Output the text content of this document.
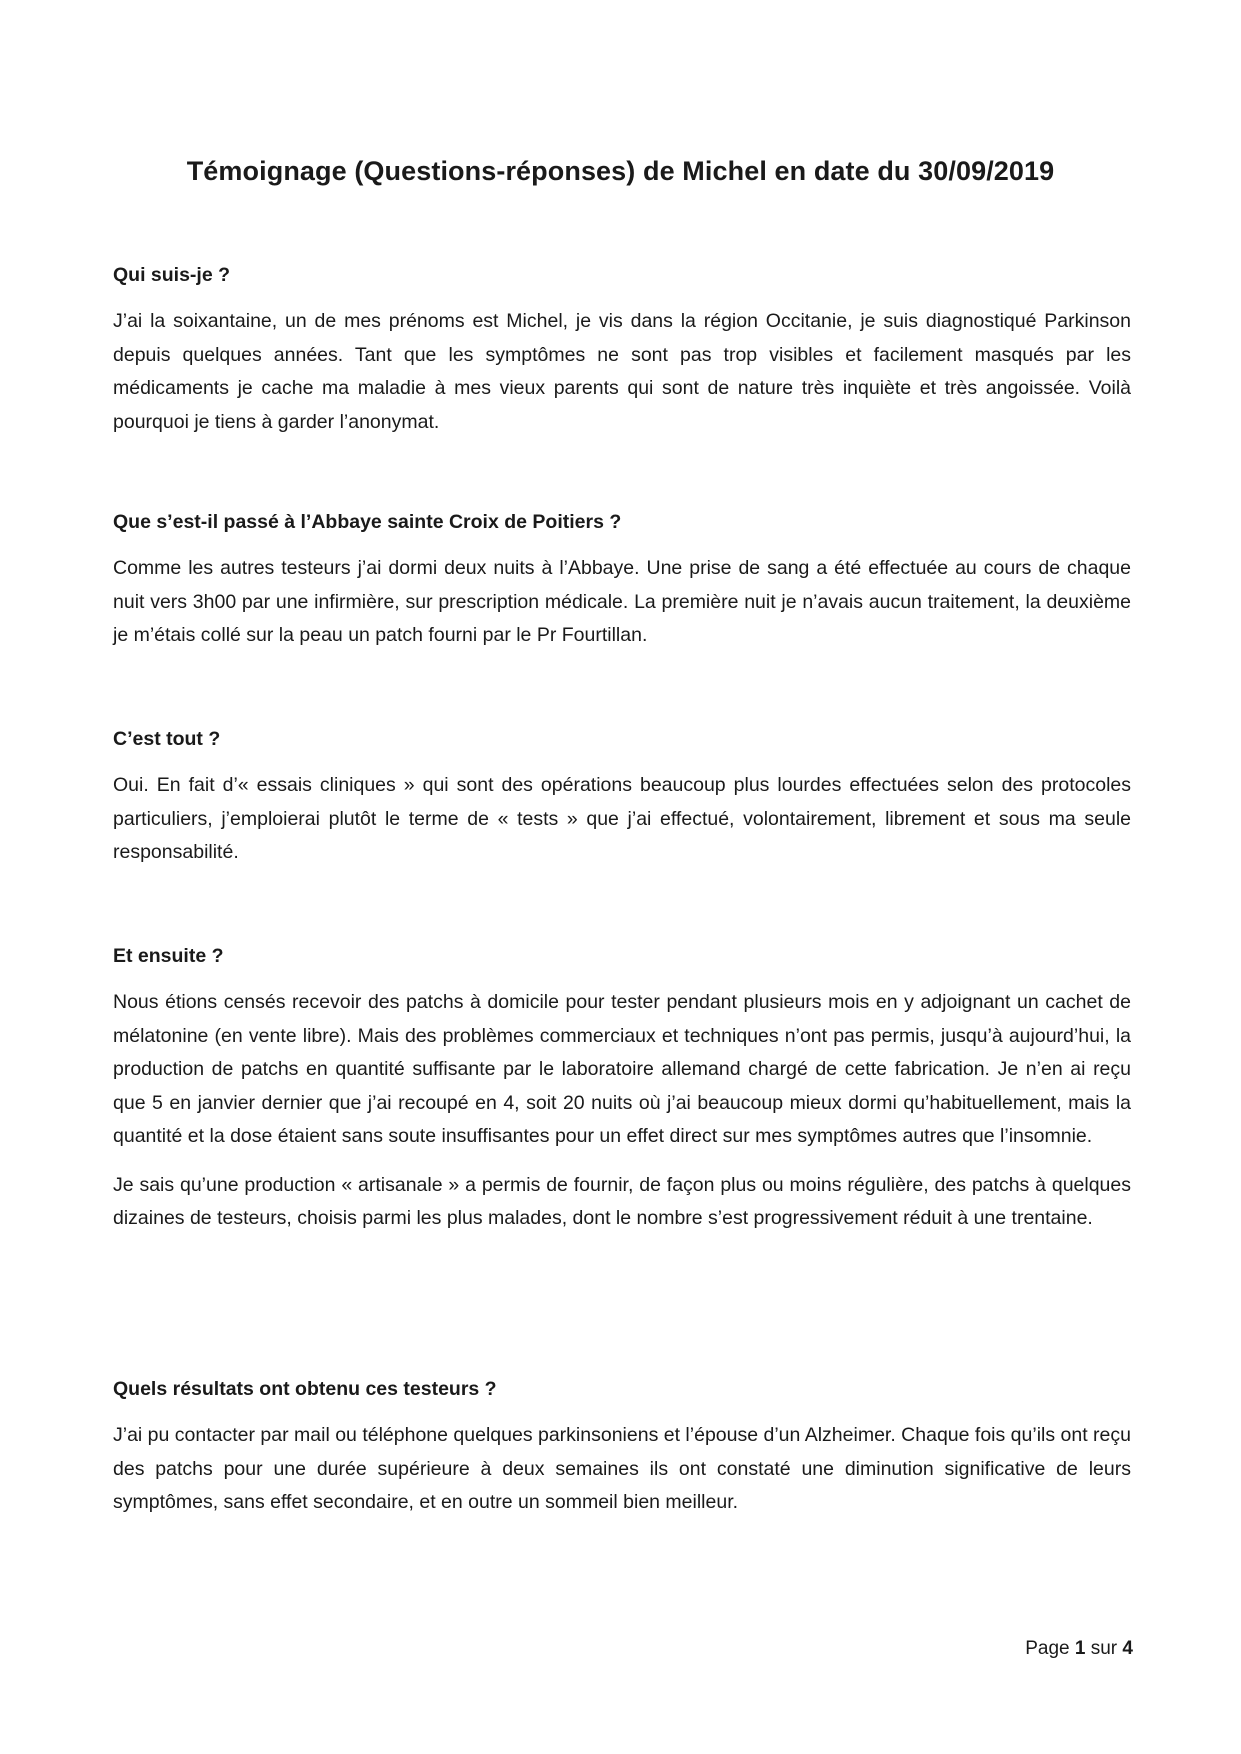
Témoignage (Questions-réponses) de Michel en date du 30/09/2019
Qui suis-je ?

J’ai la soixantaine, un de mes prénoms est Michel, je vis dans la région Occitanie, je suis diagnostiqué Parkinson depuis quelques années. Tant que les symptômes ne sont pas trop visibles et facilement masqués par les médicaments je cache ma maladie à mes vieux parents qui sont de nature très inquiète et très angoissée. Voilà pourquoi je tiens à garder l’anonymat.

Que s’est-il passé à l’Abbaye sainte Croix de Poitiers ?

Comme les autres testeurs j’ai dormi deux nuits à l’Abbaye. Une prise de sang a été effectuée au cours de chaque nuit vers 3h00 par une infirmière, sur prescription médicale. La première nuit je n’avais aucun traitement, la deuxième je m’étais collé sur la peau un patch fourni par le Pr Fourtillan.

C’est tout ?

Oui. En fait d’« essais cliniques » qui sont des opérations beaucoup plus lourdes effectuées selon des protocoles particuliers, j’emploierai plutôt le terme de « tests » que j’ai effectué, volontairement, librement et sous ma seule responsabilité.

Et ensuite ?

Nous étions censés recevoir des patchs à domicile pour tester pendant plusieurs mois en y adjoignant un cachet de mélatonine (en vente libre). Mais des problèmes commerciaux et techniques n’ont pas permis, jusqu’à aujourd’hui, la production de patchs en quantité suffisante par le laboratoire allemand chargé de cette fabrication. Je n’en ai reçu que 5 en janvier dernier que j’ai recoupé en 4, soit 20 nuits où j’ai beaucoup mieux dormi qu’habituellement, mais la quantité et la dose étaient sans soute insuffisantes pour un effet direct sur mes symptômes autres que l’insomnie.

Je sais qu’une production « artisanale » a permis de fournir, de façon plus ou moins régulière, des patchs à quelques dizaines de testeurs, choisis parmi les plus malades, dont le nombre s’est progressivement réduit à une trentaine.

Quels résultats ont obtenu ces testeurs ?

J’ai pu contacter par mail ou téléphone quelques parkinsoniens et l’épouse d’un Alzheimer. Chaque fois qu’ils ont reçu des patchs pour une durée supérieure à deux semaines ils ont constaté une diminution significative de leurs symptômes, sans effet secondaire, et en outre un sommeil bien meilleur.

Page 1 sur 4
